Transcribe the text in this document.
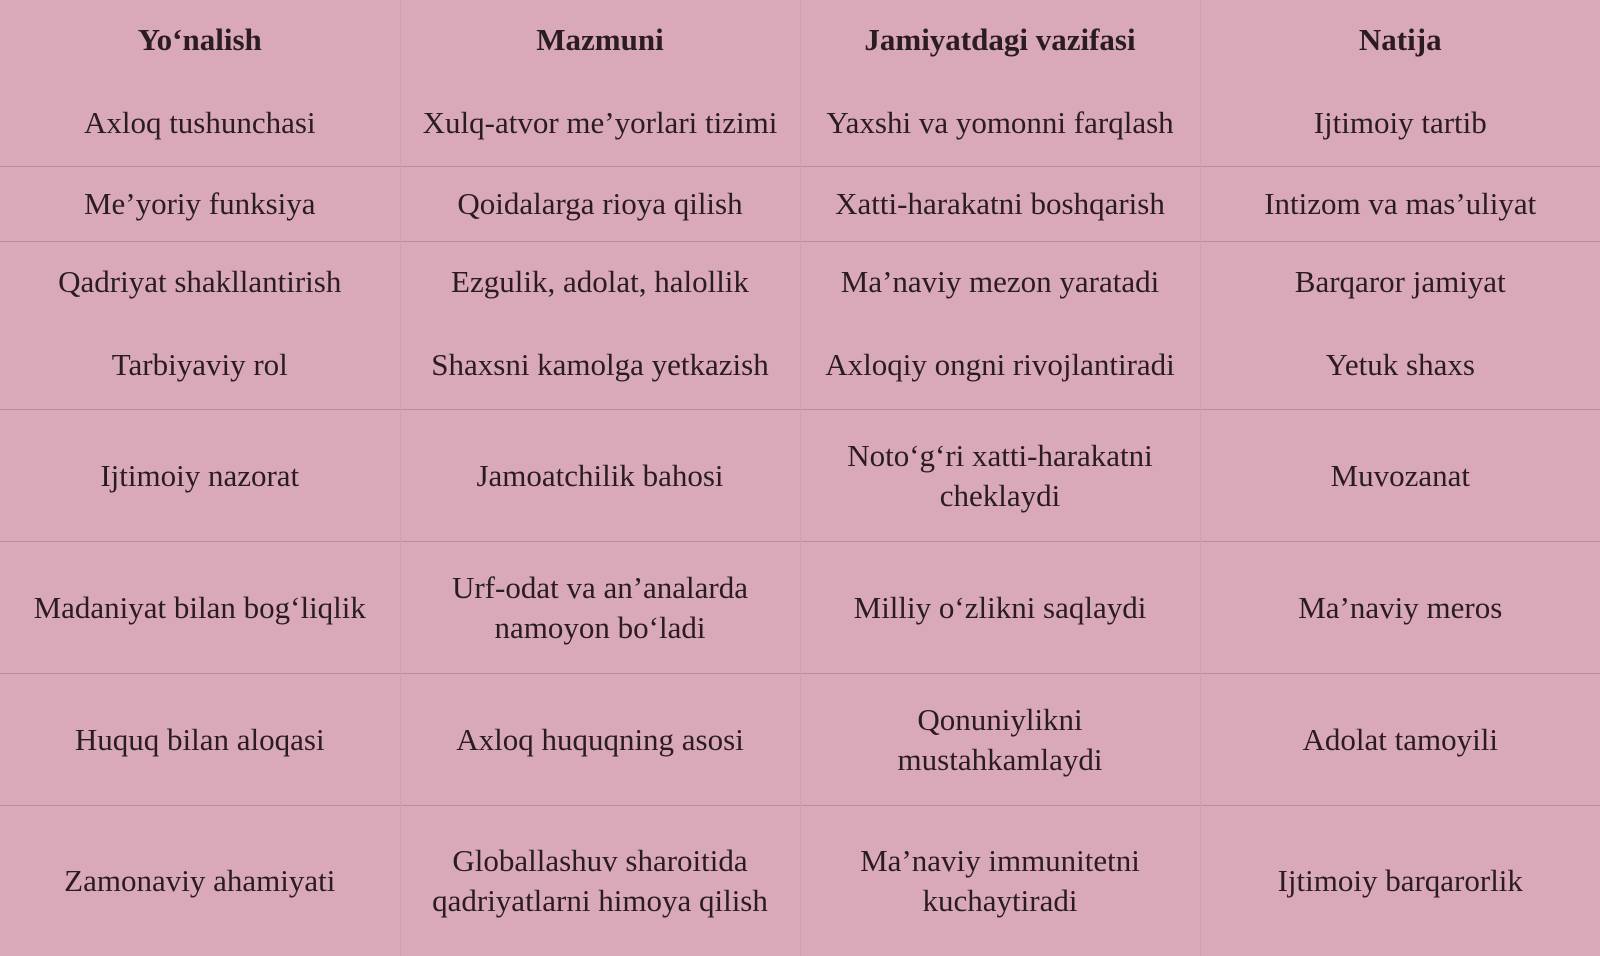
Yo‘nalish	Mazmuni	Jamiyatdagi vazifasi	Natija
Axloq tushunchasi	Xulq-atvor me’yorlari tizimi	Yaxshi va yomonni farqlash	Ijtimoiy tartib
Me’yoriy funksiya	Qoidalarga rioya qilish	Xatti-harakatni boshqarish	Intizom va mas’uliyat
Qadriyat shakllantirish	Ezgulik, adolat, halollik	Ma’naviy mezon yaratadi	Barqaror jamiyat
Tarbiyaviy rol	Shaxsni kamolga yetkazish	Axloqiy ongni rivojlantiradi	Yetuk shaxs
Ijtimoiy nazorat	Jamoatchilik bahosi	Noto‘g‘ri xatti-harakatni cheklaydi	Muvozanat
Madaniyat bilan bog‘liqlik	Urf-odat va an’analarda namoyon bo‘ladi	Milliy o‘zlikni saqlaydi	Ma’naviy meros
Huquq bilan aloqasi	Axloq huquqning asosi	Qonuniylikni mustahkamlaydi	Adolat tamoyili
Zamonaviy ahamiyati	Globallashuv sharoitida qadriyatlarni himoya qilish	Ma’naviy immunitetni kuchaytiradi	Ijtimoiy barqarorlik
